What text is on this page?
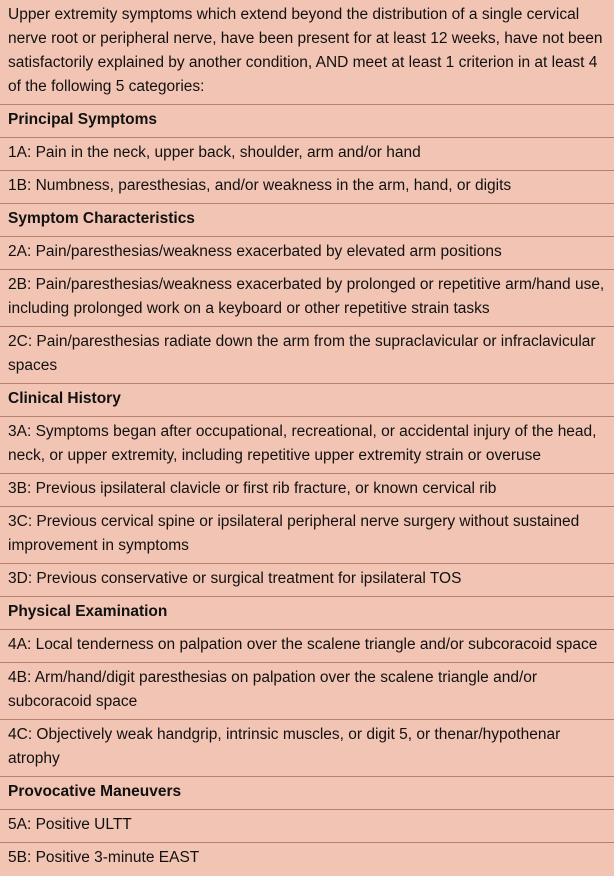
Upper extremity symptoms which extend beyond the distribution of a single cervical nerve root or peripheral nerve, have been present for at least 12 weeks, have not been satisfactorily explained by another condition, AND meet at least 1 criterion in at least 4 of the following 5 categories:
Principal Symptoms
1A: Pain in the neck, upper back, shoulder, arm and/or hand
1B: Numbness, paresthesias, and/or weakness in the arm, hand, or digits
Symptom Characteristics
2A: Pain/paresthesias/weakness exacerbated by elevated arm positions
2B: Pain/paresthesias/weakness exacerbated by prolonged or repetitive arm/hand use, including prolonged work on a keyboard or other repetitive strain tasks
2C: Pain/paresthesias radiate down the arm from the supraclavicular or infraclavicular spaces
Clinical History
3A: Symptoms began after occupational, recreational, or accidental injury of the head, neck, or upper extremity, including repetitive upper extremity strain or overuse
3B: Previous ipsilateral clavicle or first rib fracture, or known cervical rib
3C: Previous cervical spine or ipsilateral peripheral nerve surgery without sustained improvement in symptoms
3D: Previous conservative or surgical treatment for ipsilateral TOS
Physical Examination
4A: Local tenderness on palpation over the scalene triangle and/or subcoracoid space
4B: Arm/hand/digit paresthesias on palpation over the scalene triangle and/or subcoracoid space
4C: Objectively weak handgrip, intrinsic muscles, or digit 5, or thenar/hypothenar atrophy
Provocative Maneuvers
5A: Positive ULTT
5B: Positive 3-minute EAST
